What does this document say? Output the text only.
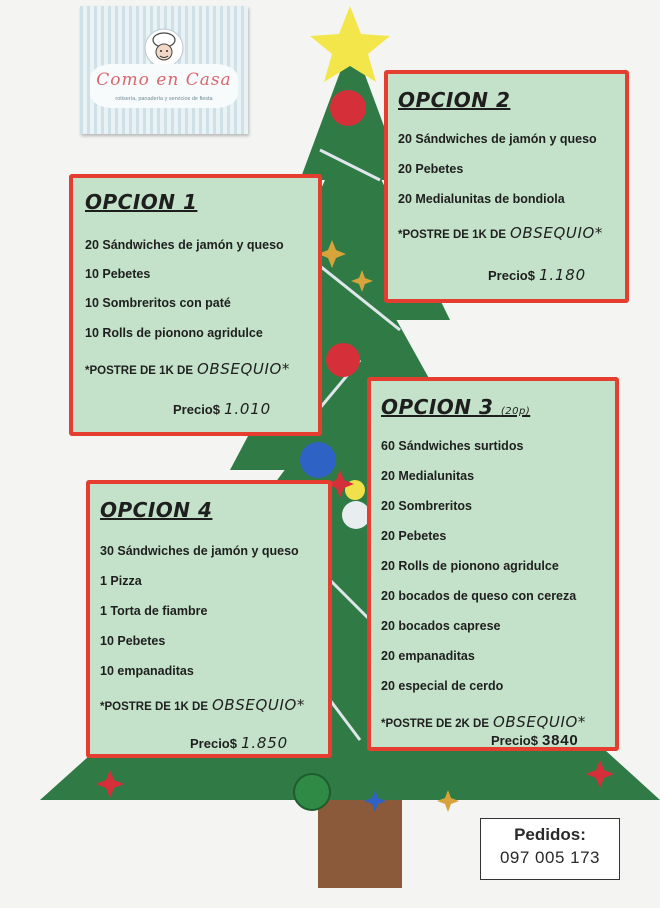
Como en Casa
rotisería, panadería y servicios de fiesta
OPCION 1
20 Sándwiches de jamón y queso
10 Pebetes
10 Sombreritos con paté
10 Rolls de pionono agridulce
*POSTRE DE 1K DE OBSEQUIO*
Precio$ 1.010
OPCION 2
20 Sándwiches de jamón y queso
20 Pebetes
20 Medialunitas de bondiola
*POSTRE DE 1K DE OBSEQUIO*
Precio$ 1.180
OPCION 3 (20p)
60 Sándwiches surtidos
20 Medialunitas
20 Sombreritos
20 Pebetes
20 Rolls de pionono agridulce
20 bocados de queso con cereza
20 bocados caprese
20 empanaditas
20 especial de cerdo
*POSTRE DE 2K DE OBSEQUIO*
Precio$ 3840
OPCION 4
30 Sándwiches de jamón y queso
1 Pizza
1 Torta de fiambre
10 Pebetes
10 empanaditas
*POSTRE DE 1K DE OBSEQUIO*
Precio$ 1.850
Pedidos:
097 005 173
